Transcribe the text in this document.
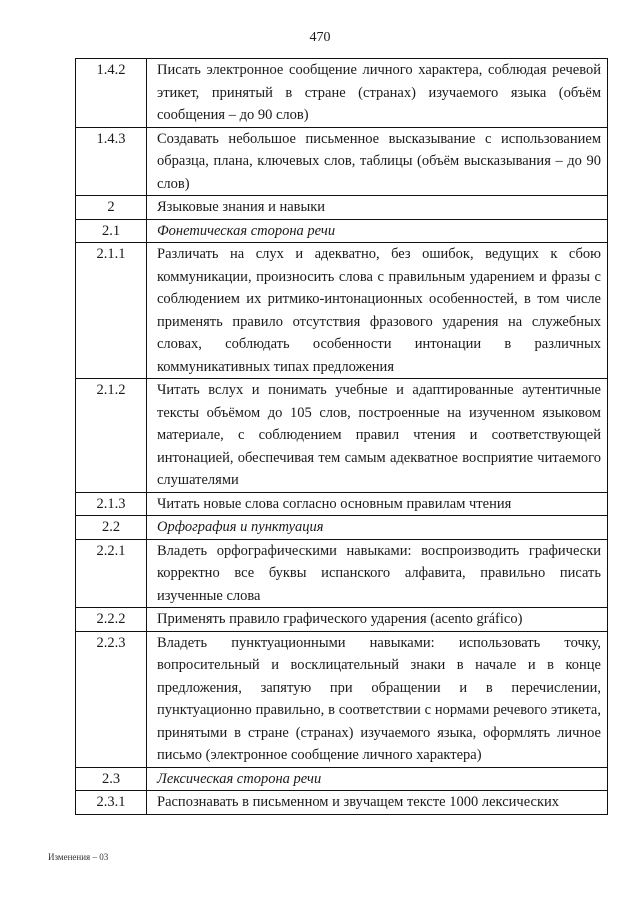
470
1.4.2	Писать электронное сообщение личного характера, соблюдая речевой этикет, принятый в стране (странах) изучаемого языка (объём сообщения – до 90 слов)
1.4.3	Создавать небольшое письменное высказывание с использованием образца, плана, ключевых слов, таблицы (объём высказывания – до 90 слов)
2	Языковые знания и навыки
2.1	Фонетическая сторона речи
2.1.1	Различать на слух и адекватно, без ошибок, ведущих к сбою коммуникации, произносить слова с правильным ударением и фразы с соблюдением их ритмико-интонационных особенностей, в том числе применять правило отсутствия фразового ударения на служебных словах, соблюдать особенности интонации в различных коммуникативных типах предложения
2.1.2	Читать вслух и понимать учебные и адаптированные аутентичные тексты объёмом до 105 слов, построенные на изученном языковом материале, с соблюдением правил чтения и соответствующей интонацией, обеспечивая тем самым адекватное восприятие читаемого слушателями
2.1.3	Читать новые слова согласно основным правилам чтения
2.2	Орфография и пунктуация
2.2.1	Владеть орфографическими навыками: воспроизводить графически корректно все буквы испанского алфавита, правильно писать изученные слова
2.2.2	Применять правило графического ударения (acento gráfico)
2.2.3	Владеть пунктуационными навыками: использовать точку, вопросительный и восклицательный знаки в начале и в конце предложения, запятую при обращении и в перечислении, пунктуационно правильно, в соответствии с нормами речевого этикета, принятыми в стране (странах) изучаемого языка, оформлять личное письмо (электронное сообщение личного характера)
2.3	Лексическая сторона речи
2.3.1	Распознавать в письменном и звучащем тексте 1000 лексических
Изменения – 03
